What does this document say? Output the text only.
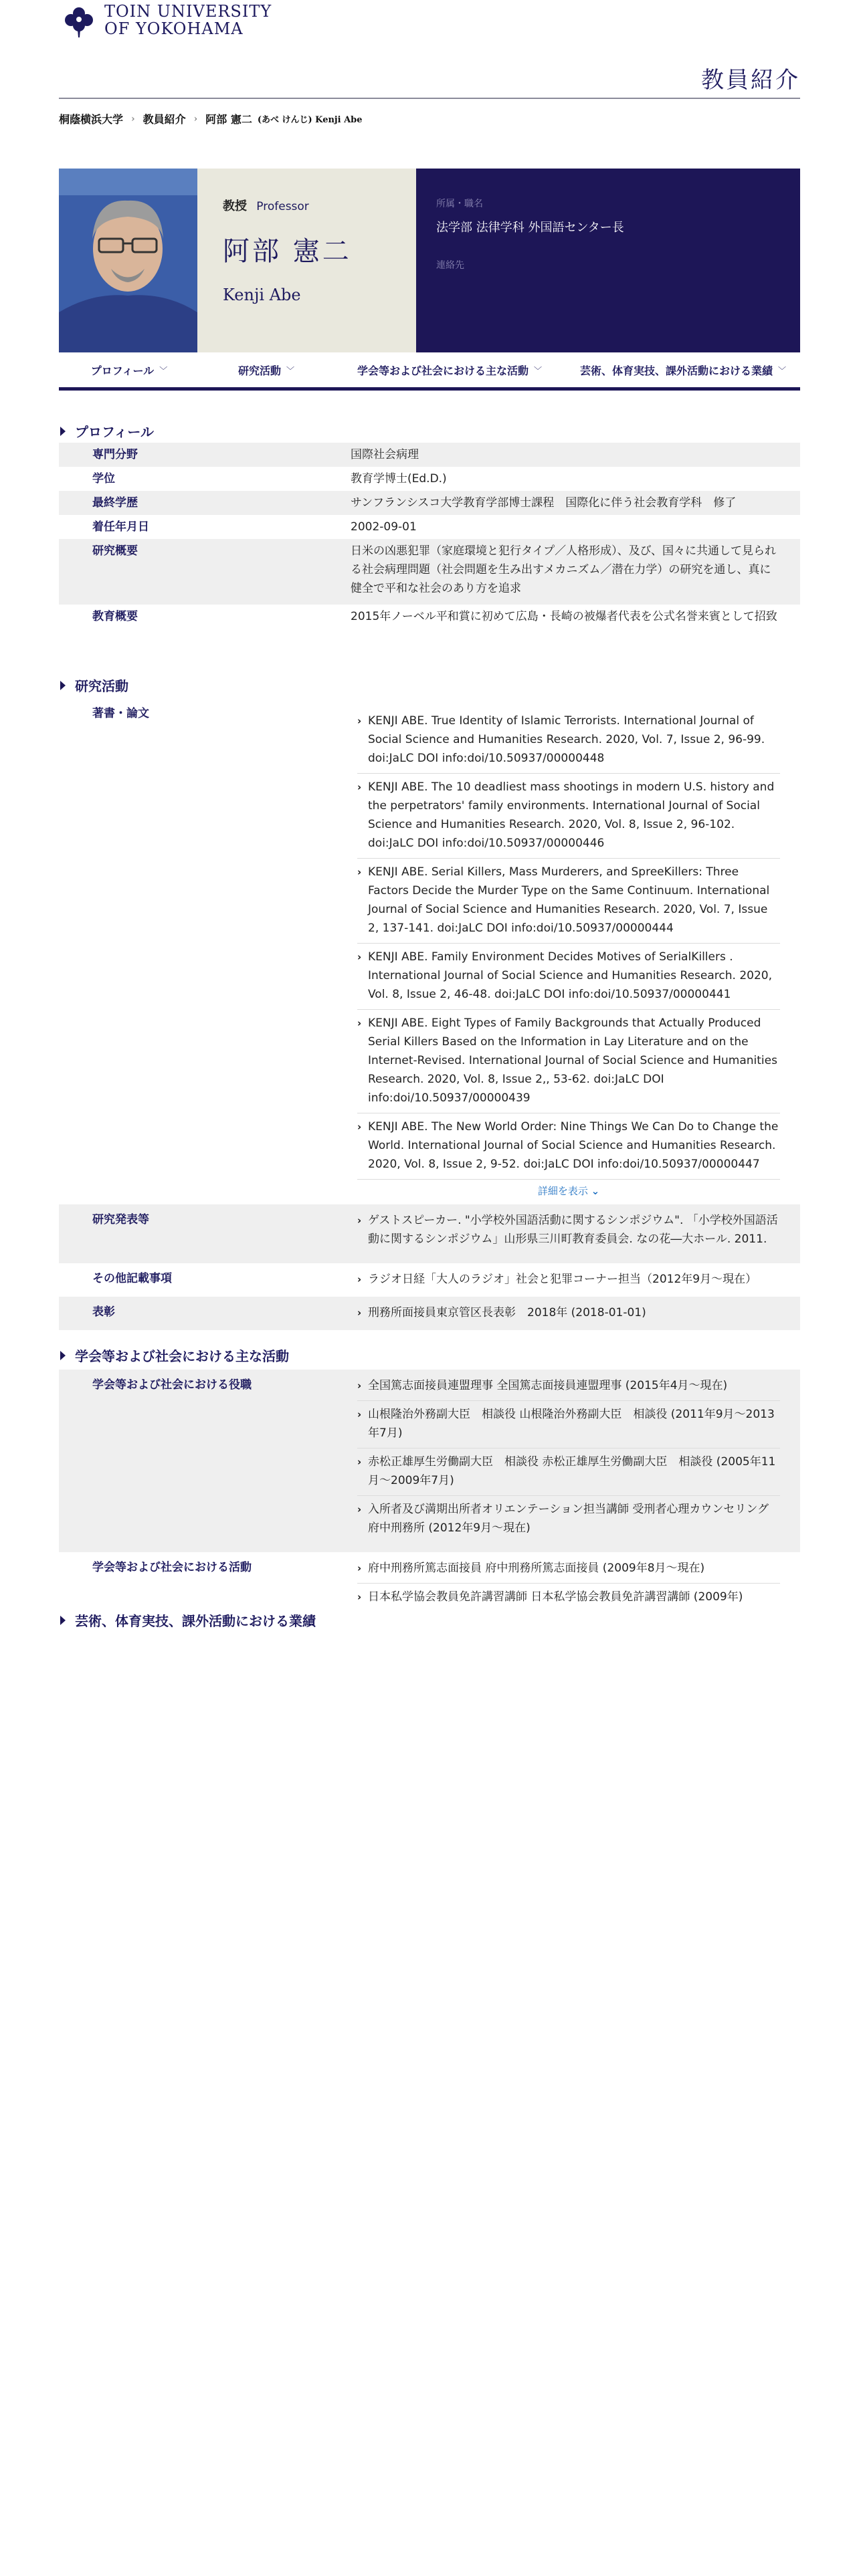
TOIN UNIVERSITY
OF YOKOHAMA
教員紹介
桐蔭横浜大学 › 教員紹介 › 阿部 憲二 (あべ けんじ) Kenji Abe
教授 Professor
阿部 憲二
Kenji Abe
所属・職名
法学部 法律学科 外国語センター長
連絡先
プロフィール ﹀	研究活動 ﹀	学会等および社会における主な活動 ﹀	芸術、体育実技、課外活動における業績 ﹀
プロフィール
専門分野	国際社会病理
学位	教育学博士(Ed.D.)
最終学歴	サンフランシスコ大学教育学部博士課程　国際化に伴う社会教育学科　修了
着任年月日	2002-09-01
研究概要	日米の凶悪犯罪（家庭環境と犯行タイプ／人格形成）、及び、国々に共通して見られる社会病理問題（社会問題を生み出すメカニズム／潜在力学）の研究を通し、真に健全で平和な社会のあり方を追求
教育概要	2015年ノーベル平和賞に初めて広島・長崎の被爆者代表を公式名誉来賓として招致
研究活動
著書・論文
› KENJI ABE. True Identity of Islamic Terrorists. International Journal of Social Science and Humanities Research. 2020, Vol. 7, Issue 2, 96-99. doi:JaLC DOI info:doi/10.50937/00000448
› KENJI ABE. The 10 deadliest mass shootings in modern U.S. history and the perpetrators' family environments. International Journal of Social Science and Humanities Research. 2020, Vol. 8, Issue 2, 96-102. doi:JaLC DOI info:doi/10.50937/00000446
› KENJI ABE. Serial Killers, Mass Murderers, and SpreeKillers: Three Factors Decide the Murder Type on the Same Continuum. International Journal of Social Science and Humanities Research. 2020, Vol. 7, Issue 2, 137-141. doi:JaLC DOI info:doi/10.50937/00000444
› KENJI ABE. Family Environment Decides Motives of SerialKillers . International Journal of Social Science and Humanities Research. 2020, Vol. 8, Issue 2, 46-48. doi:JaLC DOI info:doi/10.50937/00000441
› KENJI ABE. Eight Types of Family Backgrounds that Actually Produced Serial Killers Based on the Information in Lay Literature and on the Internet-Revised. International Journal of Social Science and Humanities Research. 2020, Vol. 8, Issue 2,, 53-62. doi:JaLC DOI info:doi/10.50937/00000439
› KENJI ABE. The New World Order: Nine Things We Can Do to Change the World. International Journal of Social Science and Humanities Research. 2020, Vol. 8, Issue 2, 9-52. doi:JaLC DOI info:doi/10.50937/00000447
詳細を表示 ⌄
研究発表等	› ゲストスピーカー. "小学校外国語活動に関するシンポジウム". 「小学校外国語活動に関するシンポジウム」山形県三川町教育委員会. なの花―大ホール. 2011.
その他記載事項	› ラジオ日経「大人のラジオ」社会と犯罪コーナー担当（2012年9月〜現在）
表彰	› 刑務所面接員東京管区長表彰　2018年 (2018-01-01)
学会等および社会における主な活動
学会等および社会における役職	› 全国篤志面接員連盟理事 全国篤志面接員連盟理事 (2015年4月〜現在)
› 山根隆治外務副大臣　相談役 山根隆治外務副大臣　相談役 (2011年9月〜2013年7月)
› 赤松正雄厚生労働副大臣　相談役 赤松正雄厚生労働副大臣　相談役 (2005年11月〜2009年7月)
› 入所者及び満期出所者オリエンテーション担当講師 受刑者心理カウンセリング 府中刑務所 (2012年9月〜現在)
学会等および社会における活動	› 府中刑務所篤志面接員 府中刑務所篤志面接員 (2009年8月〜現在)
› 日本私学協会教員免許講習講師 日本私学協会教員免許講習講師 (2009年)
芸術、体育実技、課外活動における業績
